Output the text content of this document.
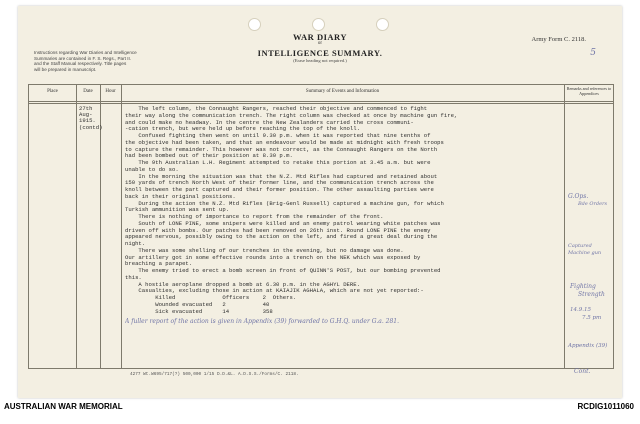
WAR DIARY
or
INTELLIGENCE SUMMARY.
(Erase heading not required.)
Army Form C. 2118.
5
Instructions regarding War Diaries and Intelligence
Summaries are contained in F. S. Regs., Part II.
and the Staff Manual respectively. Title pages
will be prepared in manuscript.
Place	Date	Hour	Summary of Events and Information
Remarks and references to Appendices
27th
Aug-
1915.
(contd)

The left column, the Connaught Rangers, reached their objective and commenced to fight

their way along the communication trench. The right column was checked at once by machine gun fire,

and could make no headway. In the centre the New Zealanders carried the cross communi-

-cation trench, but were held up before reaching the top of the knoll.

Confused fighting then went on until 9.30 p.m. when it was reported that nine tenths of

the objective had been taken, and that an endeavour would be made at midnight with fresh troops

to capture the remainder. This however was not correct, as the Connaught Rangers on the North

had been bombed out of their position at 8.30 p.m.

The 9th Australian L.H. Regiment attempted to retake this portion at 3.45 a.m. but were

unable to do so.

In the morning the situation was that the N.Z. Mtd Rifles had captured and retained about

150 yards of trench North West of their former line, and the communication trench across the

knoll between the part captured and their former position. The other assaulting parties were

back in their original positions.

During the action the N.Z. Mtd Rifles (Brig-Genl Russell) captured a machine gun, for which

Turkish ammunition was sent up.

There is nothing of importance to report from the remainder of the front.

South of LONE PINE, some snipers were killed and an enemy patrol wearing white patches was

driven off with bombs. Our patches had been removed on 26th inst. Round LONE PINE the enemy

appeared nervous, possibly owing to the action on the left, and fired a great deal during the

night.

There was some shelling of our trenches in the evening, but no damage was done.

Our artillery got in some effective rounds into a trench on the NEK which was exposed by

breaching a parapet.

The enemy tried to erect a bomb screen in front of QUINN'S POST, but our bombing prevented

this.

A hostile aeroplane dropped a bomb at 6.30 p.m. in the AGHYL DERE.

Casualties, excluding those in action at KAIAJIK AGHALA, which are not yet reported:-

Killed              Officers    2  Others.

Wounded evacuated   2           40

Sick evacuated      14          358

A fuller report of the action is given in Appendix (39) forwarded to G.H.Q. under G.a. 281.

G.Ops.
Bde Orders
Captured
Machine gun
Fighting
Strength
14.9.15
7.5 pm
Appendix (39)
Cont.
4277 Wt.W695/717(?) 500,000 1/15 D.D.&L. A.D.S.S./Forms/C. 2118.
AUSTRALIAN WAR MEMORIAL	RCDIG1011060
